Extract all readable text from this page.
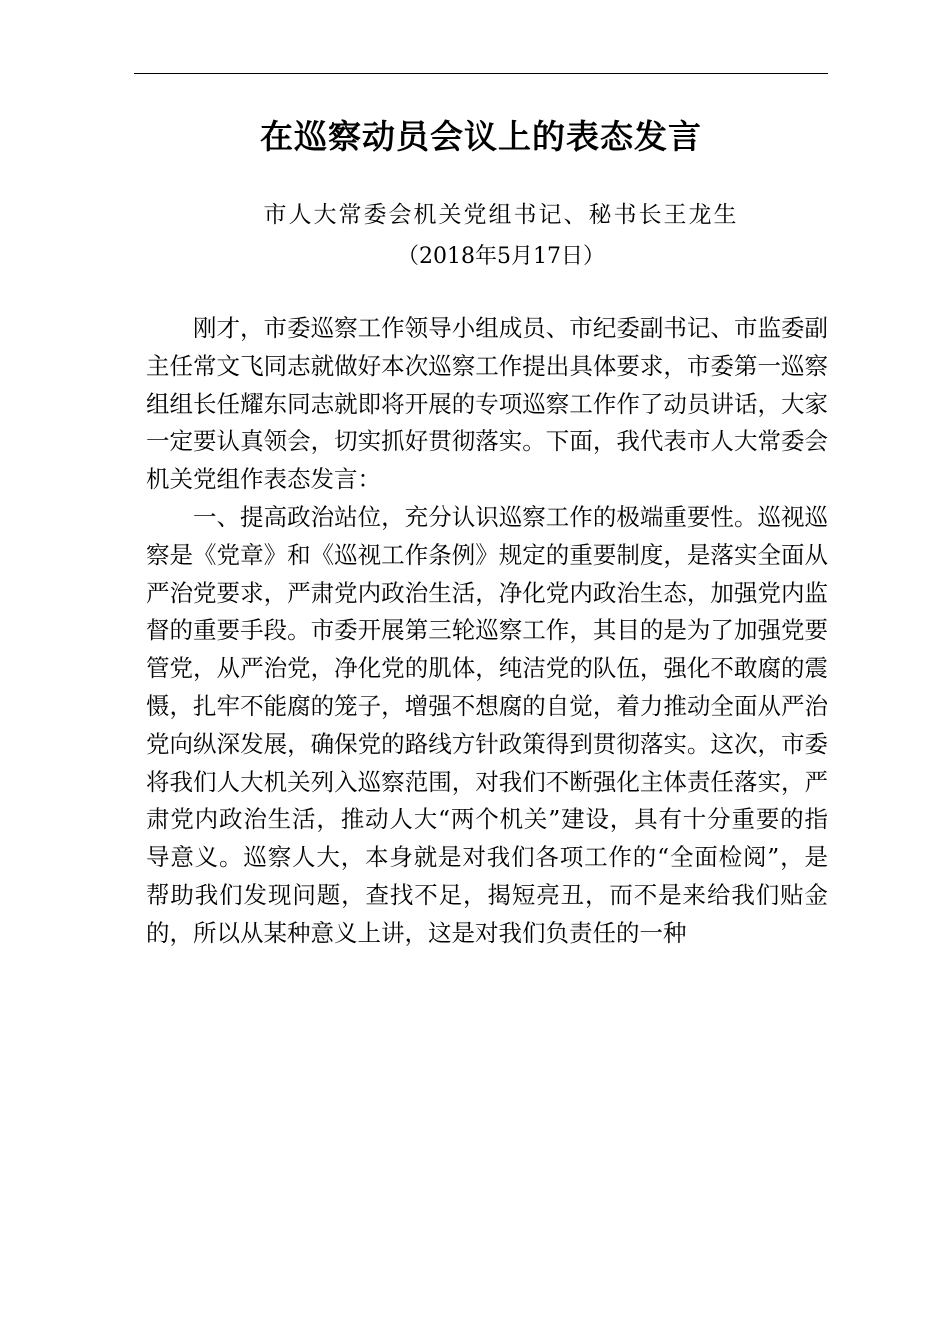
在巡察动员会议上的表态发言
市人大常委会机关党组书记、秘书长王龙生
（2018年5月17日）

刚才，市委巡察工作领导小组成员、市纪委副书记、市监委副主任常文飞同志就做好本次巡察工作提出具体要求，市委第一巡察组组长任耀东同志就即将开展的专项巡察工作作了动员讲话，大家一定要认真领会，切实抓好贯彻落实。下面，我代表市人大常委会机关党组作表态发言：

一、提高政治站位，充分认识巡察工作的极端重要性。巡视巡察是《党章》和《巡视工作条例》规定的重要制度，是落实全面从严治党要求，严肃党内政治生活，净化党内政治生态，加强党内监督的重要手段。市委开展第三轮巡察工作，其目的是为了加强党要管党，从严治党，净化党的肌体，纯洁党的队伍，强化不敢腐的震慑，扎牢不能腐的笼子，增强不想腐的自觉，着力推动全面从严治党向纵深发展，确保党的路线方针政策得到贯彻落实。这次，市委将我们人大机关列入巡察范围，对我们不断强化主体责任落实，严肃党内政治生活，推动人大“两个机关”建设，具有十分重要的指导意义。巡察人大，本身就是对我们各项工作的“全面检阅”，是帮助我们发现问题，查找不足，揭短亮丑，而不是来给我们贴金的，所以从某种意义上讲，这是对我们负责任的一种
